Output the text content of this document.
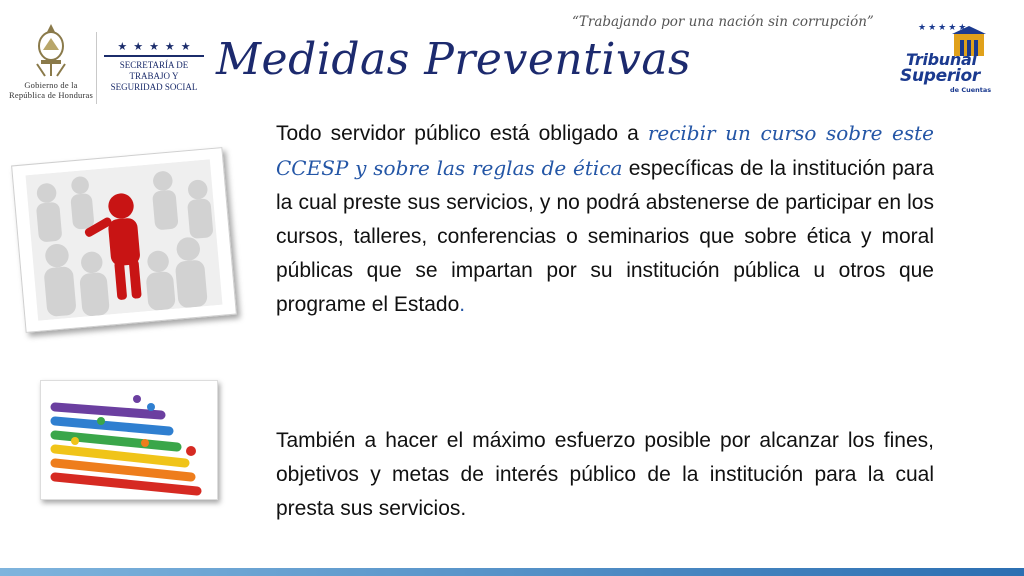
Gobierno de la
República de Honduras
★★★★★
SECRETARÍA DE TRABAJO Y
SEGURIDAD SOCIAL
Medidas Preventivas
“Trabajando por una nación sin corrupción”	★★★★★
Tribunal
Superior
de Cuentas

Todo servidor público está obligado a recibir un curso sobre este CCESP y sobre las reglas de ética específicas de la institución para la cual preste sus servicios, y no podrá abstenerse de participar en los cursos, talleres, conferencias o seminarios que sobre ética y moral públicas que se impartan por su institución pública u otros que programe el Estado.

También a hacer el máximo esfuerzo posible por alcanzar los fines, objetivos y metas de interés público de la institución para la cual presta sus servicios.
